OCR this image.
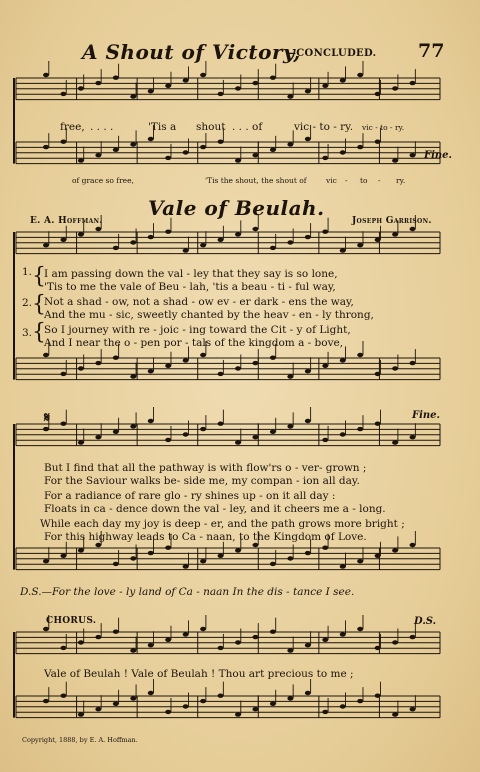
A Shout of Victory,
—CONCLUDED. 77
free, . . . .	'Tis a shout . . . of	vic - to - ry. vic - to - ry.
of grace so free,	'Tis the shout, the shout of	vic - to - ry.
Fine.
Vale of Beulah.
E. A. Hoffman.	Joseph Garrison.
1. {
I am passing down the val - ley that they say is so lone,
'Tis to me the vale of Beu - lah, 'tis a beau - ti - ful way,
2. {
Not a shad - ow, not a shad - ow ev - er dark - ens the way,
And the mu - sic, sweetly chanted by the heav - en - ly throng,
3. {
So I journey with re - joic - ing toward the Cit - y of Light,
And I near the o - pen por - tals of the kingdom a - bove,
Fine.
𝄋
But I find that all the pathway is with flow'rs o - ver- grown ;
For the Saviour walks be- side me, my compan - ion all day.
For a radiance of rare glo - ry shines up - on it all day :
Floats in ca - dence down the val - ley, and it cheers me a - long.
While each day my joy is deep - er, and the path grows more bright ;
For this highway leads to Ca - naan, to the Kingdom of Love.
D.S.—For the love - ly land of Ca - naan In the dis - tance I see.
CHORUS.	D.S.
Vale of Beulah ! Vale of Beulah ! Thou art precious to me ;
Copyright, 1888, by E. A. Hoffman.
